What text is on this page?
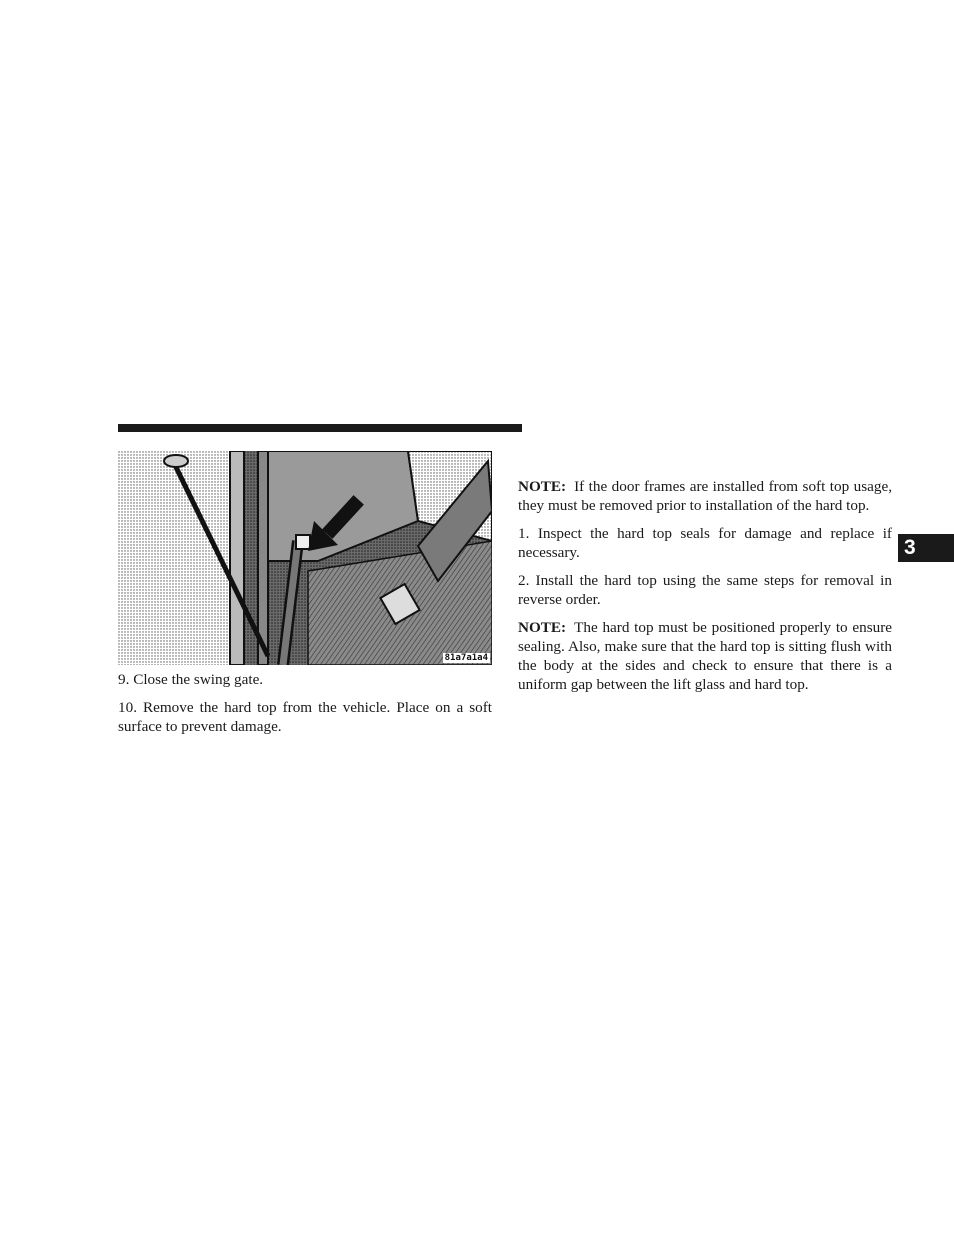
81a7a1a4

9. Close the swing gate.

10. Remove the hard top from the vehicle. Place on a soft surface to prevent damage.

NOTE: If the door frames are installed from soft top usage, they must be removed prior to installation of the hard top.

1. Inspect the hard top seals for damage and replace if necessary.

2. Install the hard top using the same steps for removal in reverse order.

NOTE: The hard top must be positioned properly to ensure sealing. Also, make sure that the hard top is sitting flush with the body at the sides and check to ensure that there is a uniform gap between the lift glass and hard top.

3
